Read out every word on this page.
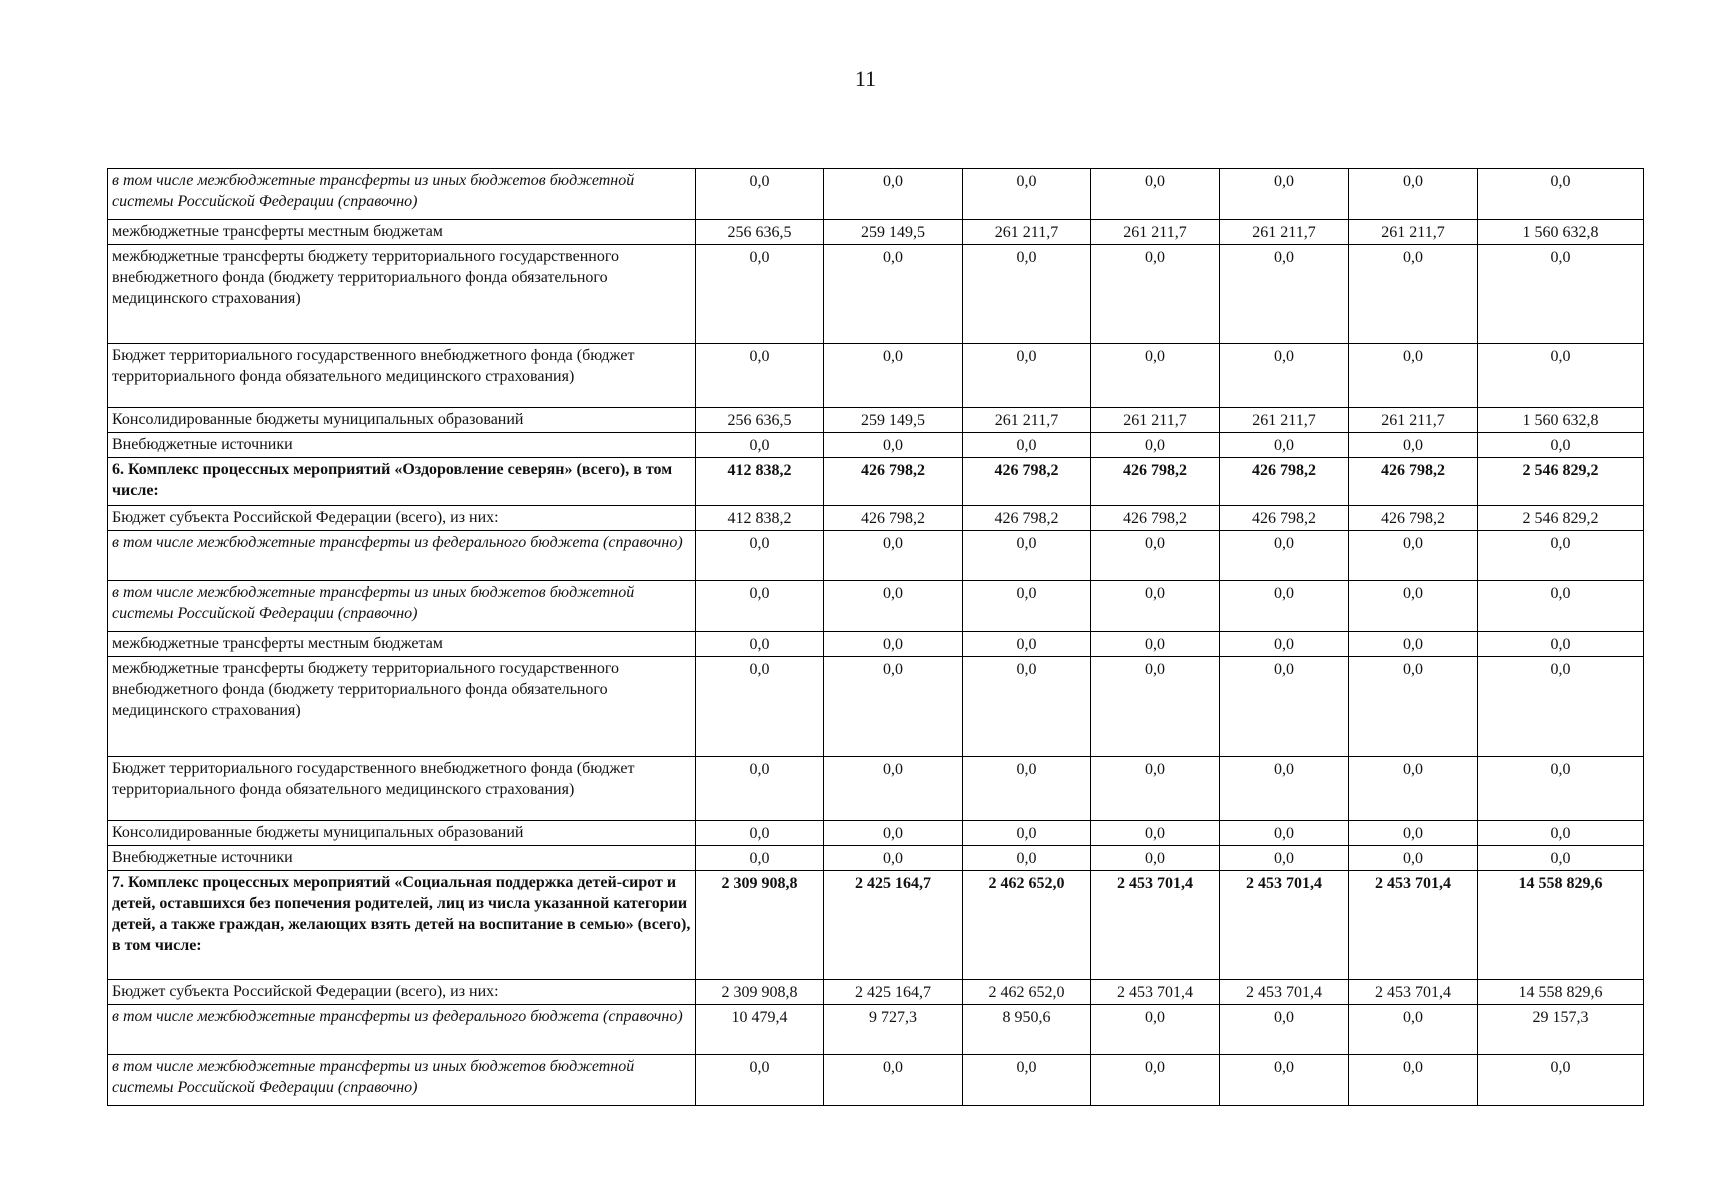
11
в том числе межбюджетные трансферты из иных бюджетов бюджетной системы Российской Федерации (справочно)	0,0	0,0	0,0	0,0	0,0	0,0	0,0
межбюджетные трансферты местным бюджетам	256 636,5	259 149,5	261 211,7	261 211,7	261 211,7	261 211,7	1 560 632,8
межбюджетные трансферты бюджету территориального государственного внебюджетного фонда (бюджету территориального фонда обязательного медицинского страхования)	0,0	0,0	0,0	0,0	0,0	0,0	0,0
Бюджет территориального государственного внебюджетного фонда (бюджет территориального фонда обязательного медицинского страхования)	0,0	0,0	0,0	0,0	0,0	0,0	0,0
Консолидированные бюджеты муниципальных образований	256 636,5	259 149,5	261 211,7	261 211,7	261 211,7	261 211,7	1 560 632,8
Внебюджетные источники	0,0	0,0	0,0	0,0	0,0	0,0	0,0
6. Комплекс процессных мероприятий «Оздоровление северян» (всего), в том числе:	412 838,2	426 798,2	426 798,2	426 798,2	426 798,2	426 798,2	2 546 829,2
Бюджет субъекта Российской Федерации (всего), из них:	412 838,2	426 798,2	426 798,2	426 798,2	426 798,2	426 798,2	2 546 829,2
в том числе межбюджетные трансферты из федерального бюджета (справочно)	0,0	0,0	0,0	0,0	0,0	0,0	0,0
в том числе межбюджетные трансферты из иных бюджетов бюджетной системы Российской Федерации (справочно)	0,0	0,0	0,0	0,0	0,0	0,0	0,0
межбюджетные трансферты местным бюджетам	0,0	0,0	0,0	0,0	0,0	0,0	0,0
межбюджетные трансферты бюджету территориального государственного внебюджетного фонда (бюджету территориального фонда обязательного медицинского страхования)	0,0	0,0	0,0	0,0	0,0	0,0	0,0
Бюджет территориального государственного внебюджетного фонда (бюджет территориального фонда обязательного медицинского страхования)	0,0	0,0	0,0	0,0	0,0	0,0	0,0
Консолидированные бюджеты муниципальных образований	0,0	0,0	0,0	0,0	0,0	0,0	0,0
Внебюджетные источники	0,0	0,0	0,0	0,0	0,0	0,0	0,0
7. Комплекс процессных мероприятий «Социальная поддержка детей-сирот и детей, оставшихся без попечения родителей, лиц из числа указанной категории детей, а также граждан, желающих взять детей на воспитание в семью» (всего), в том числе:	2 309 908,8	2 425 164,7	2 462 652,0	2 453 701,4	2 453 701,4	2 453 701,4	14 558 829,6
Бюджет субъекта Российской Федерации (всего), из них:	2 309 908,8	2 425 164,7	2 462 652,0	2 453 701,4	2 453 701,4	2 453 701,4	14 558 829,6
в том числе межбюджетные трансферты из федерального бюджета (справочно)	10 479,4	9 727,3	8 950,6	0,0	0,0	0,0	29 157,3
в том числе межбюджетные трансферты из иных бюджетов бюджетной системы Российской Федерации (справочно)	0,0	0,0	0,0	0,0	0,0	0,0	0,0
